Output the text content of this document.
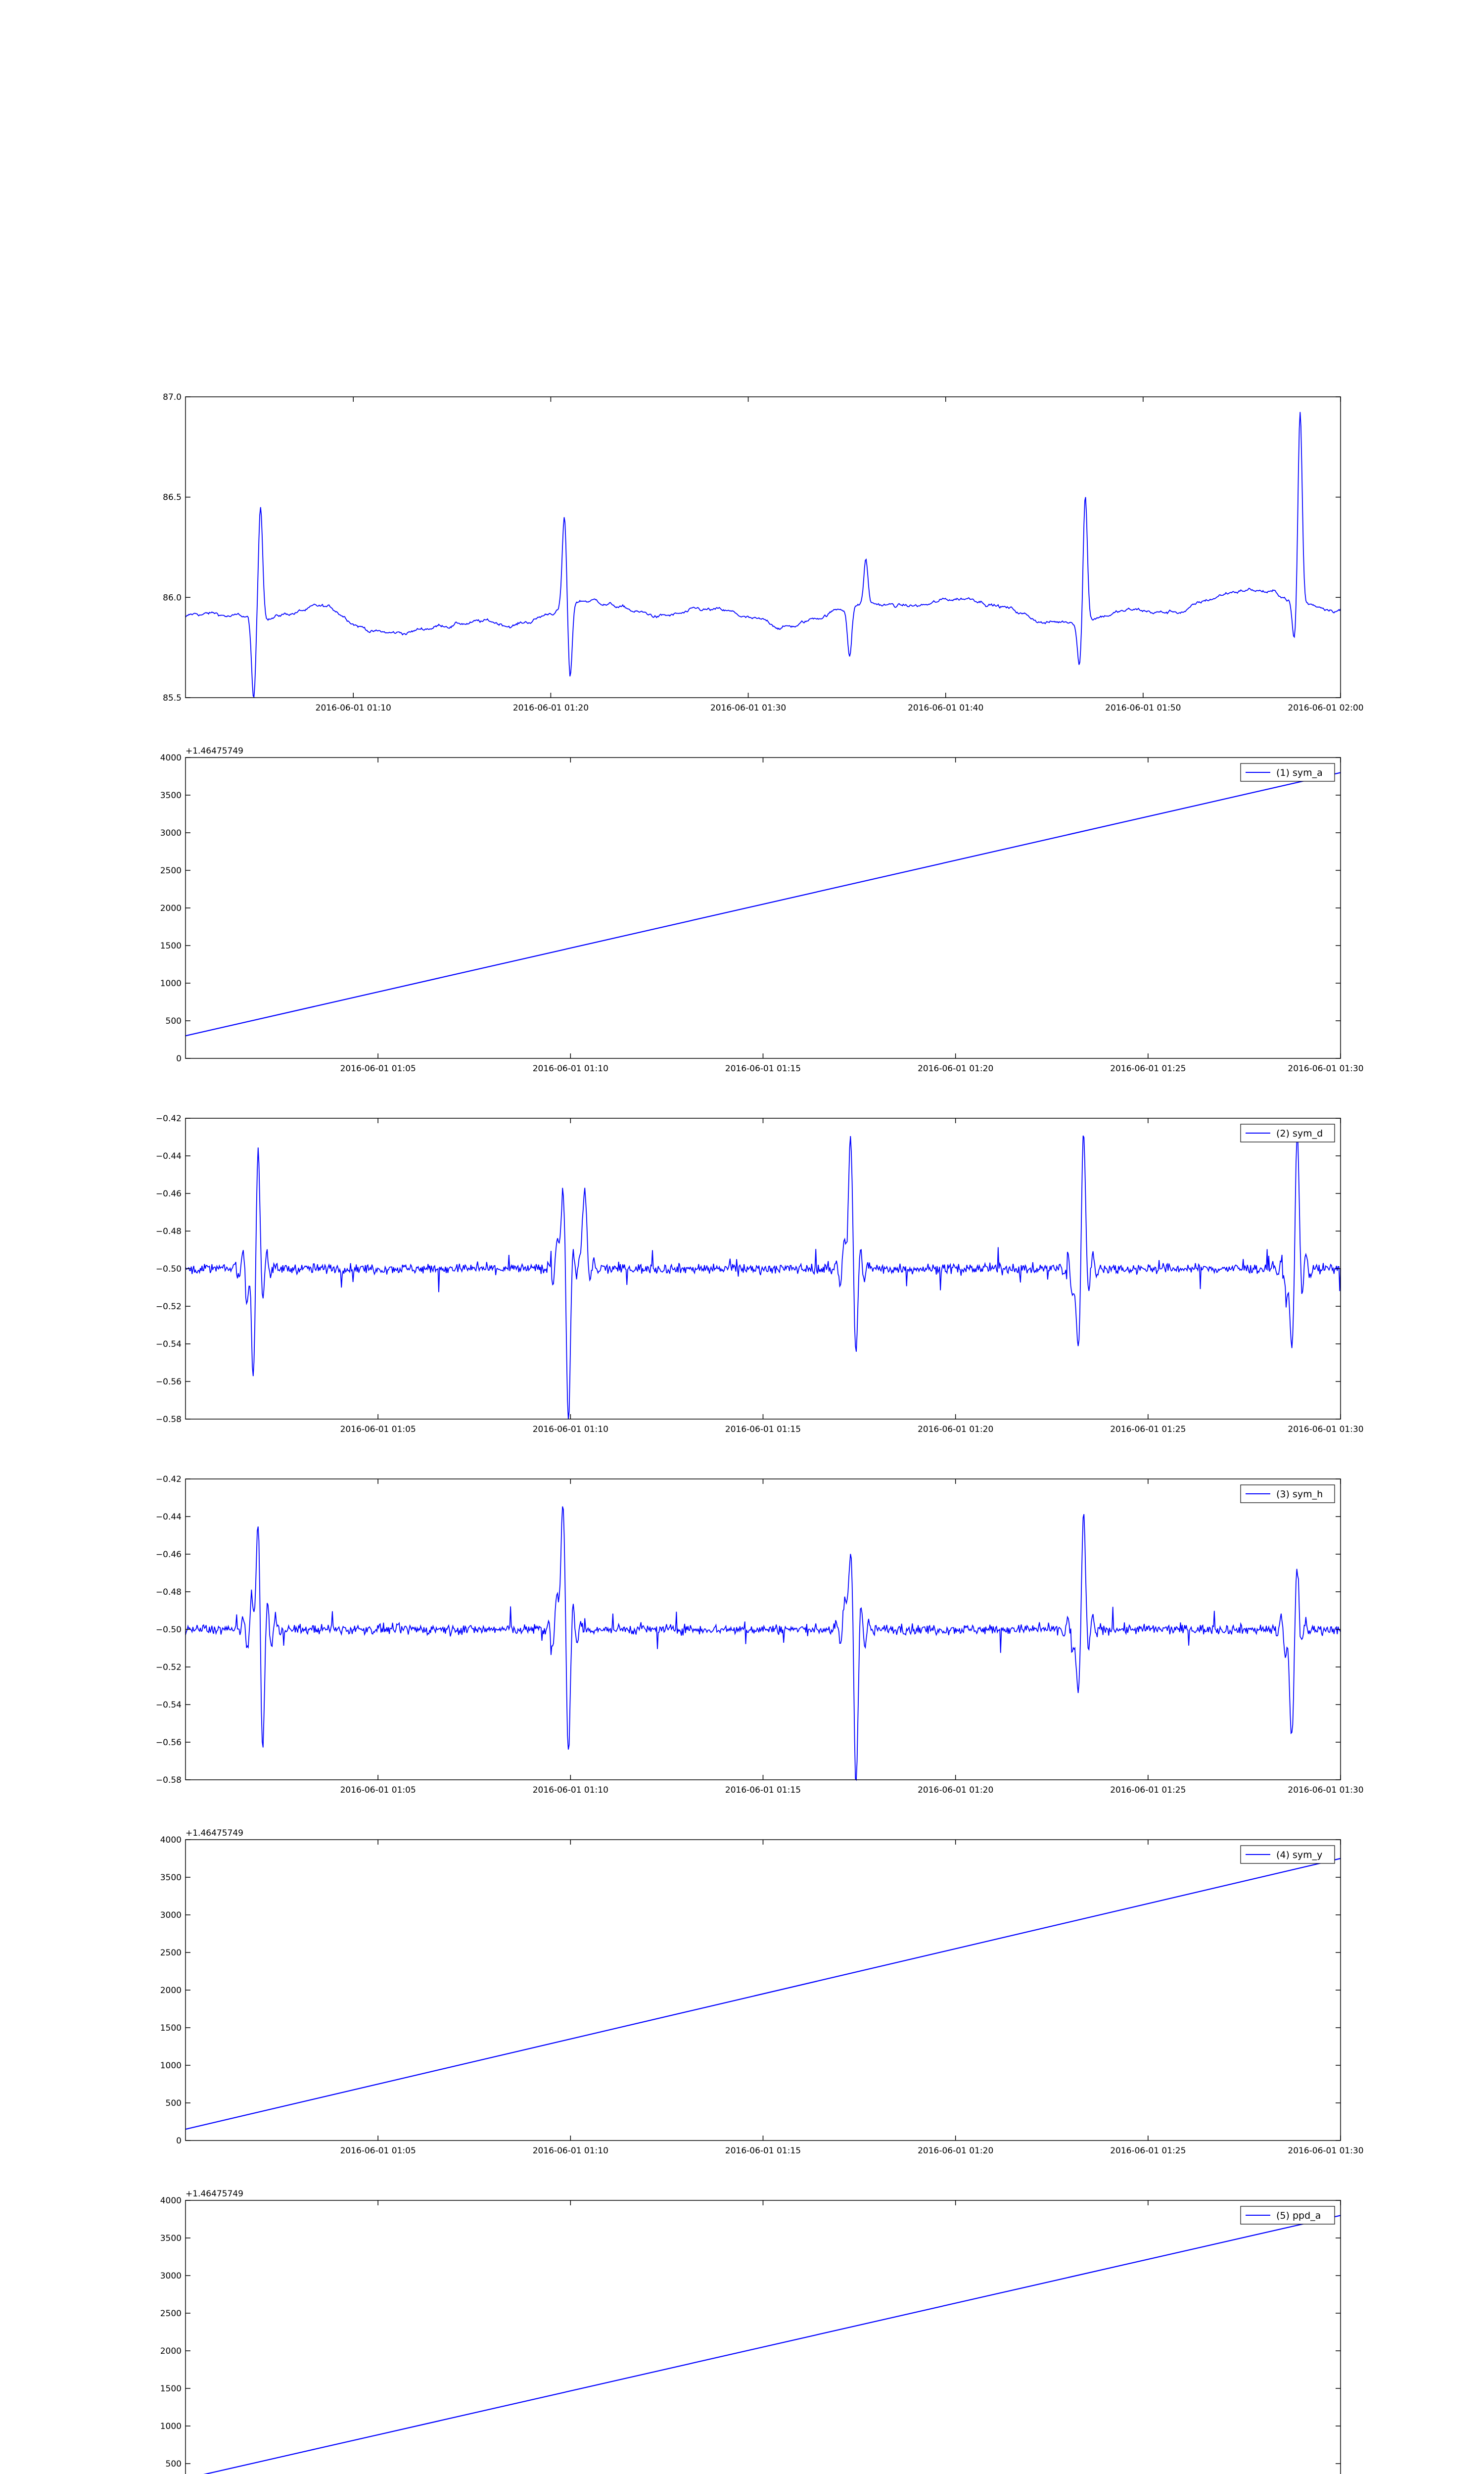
85.5
86.0
86.5
87.0
2016-06-01 01:10	2016-06-01 01:20	2016-06-01 01:30	2016-06-01 01:40	2016-06-01 01:50	2016-06-01 02:00
0
500
1000
1500
2000
2500
3000
3500
4000
2016-06-01 01:05	2016-06-01 01:10	2016-06-01 01:15	2016-06-01 01:20	2016-06-01 01:25	2016-06-01 01:30
+1.46475749
(1) sym_a
−0.58
−0.56
−0.54
−0.52
−0.50
−0.48
−0.46
−0.44
−0.42
2016-06-01 01:05	2016-06-01 01:10	2016-06-01 01:15	2016-06-01 01:20	2016-06-01 01:25	2016-06-01 01:30
(2) sym_d
−0.58
−0.56
−0.54
−0.52
−0.50
−0.48
−0.46
−0.44
−0.42
2016-06-01 01:05	2016-06-01 01:10	2016-06-01 01:15	2016-06-01 01:20	2016-06-01 01:25	2016-06-01 01:30
(3) sym_h
0
500
1000
1500
2000
2500
3000
3500
4000
2016-06-01 01:05	2016-06-01 01:10	2016-06-01 01:15	2016-06-01 01:20	2016-06-01 01:25	2016-06-01 01:30
+1.46475749
(4) sym_y
500
1000
1500
2000
2500
3000
3500
4000
+1.46475749
(5) ppd_a
